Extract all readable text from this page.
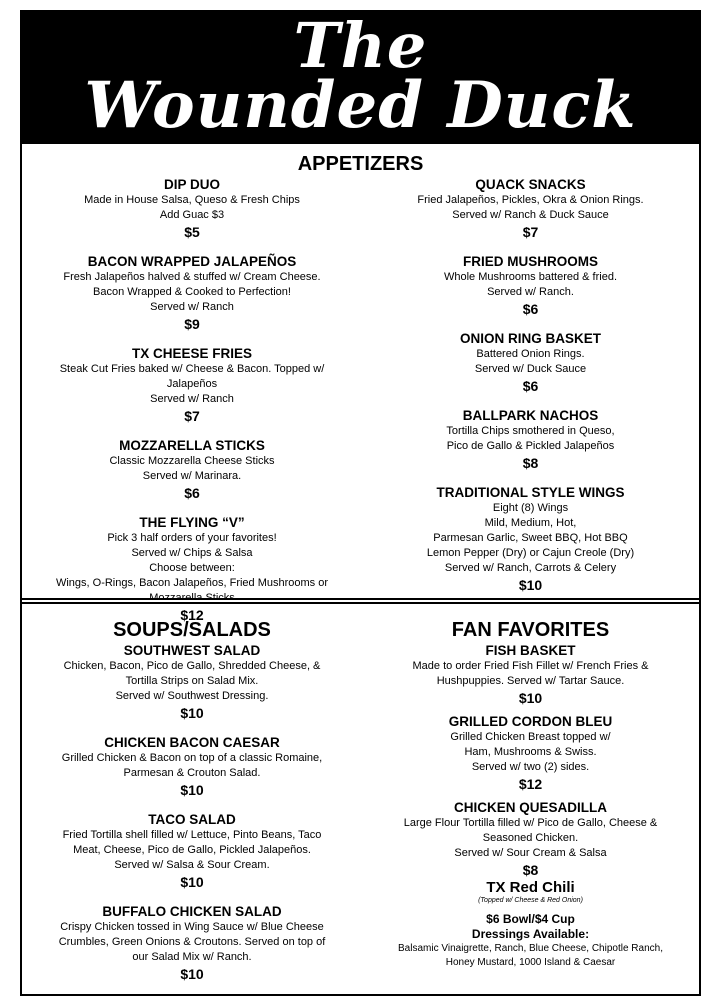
The
Wounded Duck
APPETIZERS
DIP DUO
Made in House Salsa, Queso & Fresh Chips
Add Guac $3
$5
BACON WRAPPED JALAPEÑOS
Fresh Jalapeños halved & stuffed w/ Cream Cheese.
Bacon Wrapped & Cooked to Perfection!
Served w/ Ranch
$9
TX CHEESE FRIES
Steak Cut Fries baked w/ Cheese & Bacon. Topped w/
Jalapeños
Served w/ Ranch
$7
MOZZARELLA STICKS
Classic Mozzarella Cheese Sticks
Served w/ Marinara.
$6
THE FLYING “V”
Pick 3 half orders of your favorites!
Served w/ Chips & Salsa
Choose between:
Wings, O-Rings, Bacon Jalapeños, Fried Mushrooms or
$12
QUACK SNACKS
Fried Jalapeños, Pickles, Okra & Onion Rings.
Served w/ Ranch & Duck Sauce
$7
FRIED MUSHROOMS
Whole Mushrooms battered & fried.
Served w/ Ranch.
$6
ONION RING BASKET
Battered Onion Rings.
Served w/ Duck Sauce
$6
BALLPARK NACHOS
Tortilla Chips smothered in Queso,
Pico de Gallo & Pickled Jalapeños
$8
TRADITIONAL STYLE WINGS
Eight (8) Wings
Mild, Medium, Hot,
Parmesan Garlic, Sweet BBQ, Hot BBQ
Lemon Pepper (Dry) or Cajun Creole (Dry)
Served w/ Ranch, Carrots & Celery
$10
SOUPS/SALADS
SOUTHWEST SALAD
Chicken, Bacon, Pico de Gallo, Shredded Cheese, &
Tortilla Strips on Salad Mix.
Served w/ Southwest Dressing.
$10
CHICKEN BACON CAESAR
Grilled Chicken & Bacon on top of a classic Romaine,
Parmesan & Crouton Salad.
$10
TACO SALAD
Fried Tortilla shell filled w/ Lettuce, Pinto Beans, Taco
Meat, Cheese, Pico de Gallo, Pickled Jalapeños.
Served w/ Salsa & Sour Cream.
$10
BUFFALO CHICKEN SALAD
Crispy Chicken tossed in Wing Sauce w/ Blue Cheese
Crumbles, Green Onions & Croutons. Served on top of
our Salad Mix w/ Ranch.
$10
FAN FAVORITES
FISH BASKET
Made to order Fried Fish Fillet w/ French Fries &
Hushpuppies. Served w/ Tartar Sauce.
$10
GRILLED CORDON BLEU
Grilled Chicken Breast topped w/
Ham, Mushrooms & Swiss.
Served w/ two (2) sides.
$12
CHICKEN QUESADILLA
Large Flour Tortilla filled w/ Pico de Gallo, Cheese &
Seasoned Chicken.
Served w/ Sour Cream & Salsa
$8
TX Red Chili
(Topped w/ Cheese & Red Onion)
$6 Bowl/$4 Cup
Dressings Available:
Balsamic Vinaigrette, Ranch, Blue Cheese, Chipotle Ranch,
Honey Mustard, 1000 Island & Caesar
